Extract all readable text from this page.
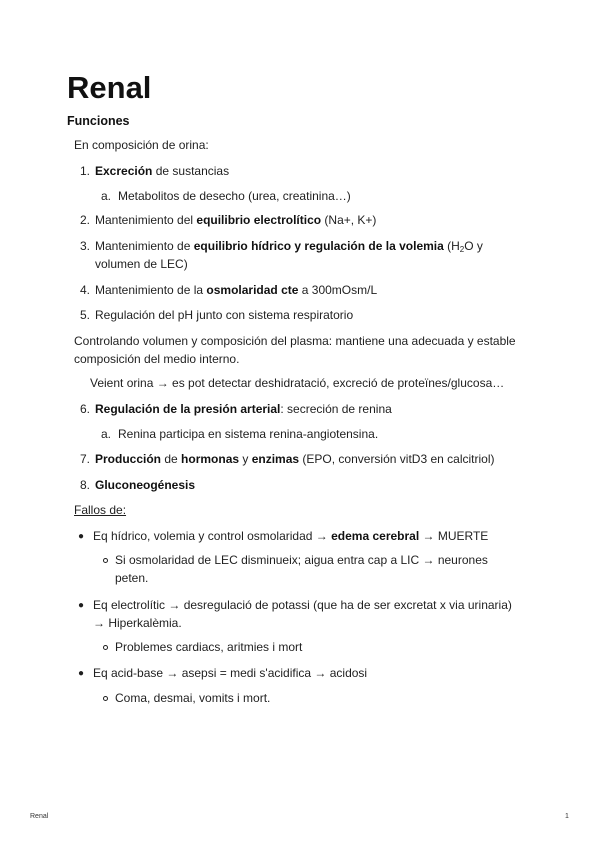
Renal
Funciones
En composición de orina:
1. Excreción de sustancias
a. Metabolitos de desecho (urea, creatinina…)
2. Mantenimiento del equilibrio electrolítico (Na+, K+)
3. Mantenimiento de equilibrio hídrico y regulación de la volemia ($H_2O$ y
volumen de LEC)
4. Mantenimiento de la osmolaridad cte a 300mOsm/L
5. Regulación del pH junto con sistema respiratorio
Controlando volumen y composición del plasma: mantiene una adecuada y estable
composición del medio interno.
Veient orina → es pot detectar deshidratació, excreció de proteïnes/glucosa…
6. Regulación de la presión arterial: secreción de renina
a. Renina participa en sistema renina-angiotensina.
7. Producción de hormonas y enzimas (EPO, conversión vitD3 en calcitriol)
8. Gluconeogénesis
Fallos de:
● Eq hídrico, volemia y control osmolaridad → edema cerebral → MUERTE
Si osmolaridad de LEC disminueix; aigua entra cap a LIC → neurones
peten.
● Eq electrolític → desregulació de potassi (que ha de ser excretat x via urinaria)
→ Hiperkalèmia.
Problemes cardiacs, aritmies i mort
● Eq acid-base → asepsi = medi s'acidifica → acidosi
Coma, desmai, vomits i mort.
Renal	1
